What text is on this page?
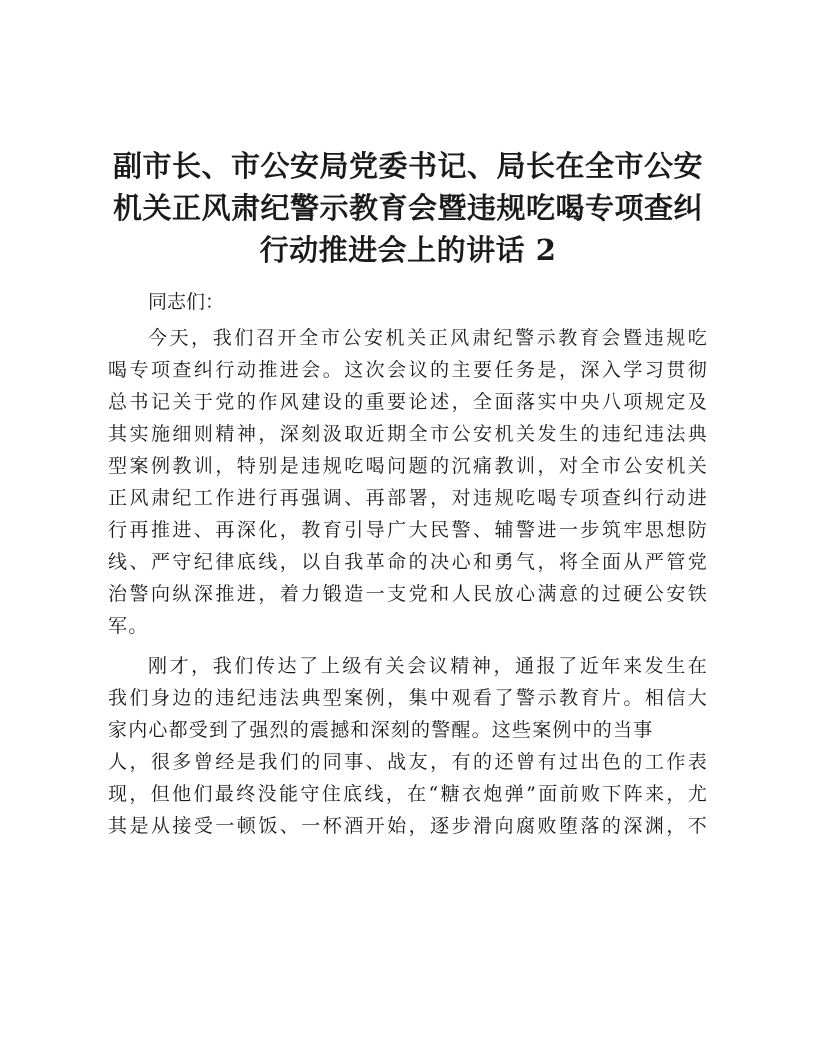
副市长、市公安局党委书记、局长在全市公安
机关正风肃纪警示教育会暨违规吃喝专项查纠
行动推进会上的讲话 2

同志们：

今天，我们召开全市公安机关正风肃纪警示教育会暨违规吃
喝专项查纠行动推进会。这次会议的主要任务是，深入学习贯彻
总书记关于党的作风建设的重要论述，全面落实中央八项规定及
其实施细则精神，深刻汲取近期全市公安机关发生的违纪违法典
型案例教训，特别是违规吃喝问题的沉痛教训，对全市公安机关
正风肃纪工作进行再强调、再部署，对违规吃喝专项查纠行动进
行再推进、再深化，教育引导广大民警、辅警进一步筑牢思想防
线、严守纪律底线，以自我革命的决心和勇气，将全面从严管党
治警向纵深推进，着力锻造一支党和人民放心满意的过硬公安铁
军。

刚才，我们传达了上级有关会议精神，通报了近年来发生在
我们身边的违纪违法典型案例，集中观看了警示教育片。相信大
家内心都受到了强烈的震撼和深刻的警醒。这些案例中的当事
人，很多曾经是我们的同事、战友，有的还曾有过出色的工作表
现，但他们最终没能守住底线，在“糖衣炮弹”面前败下阵来，尤
其是从接受一顿饭、一杯酒开始，逐步滑向腐败堕落的深渊，不
